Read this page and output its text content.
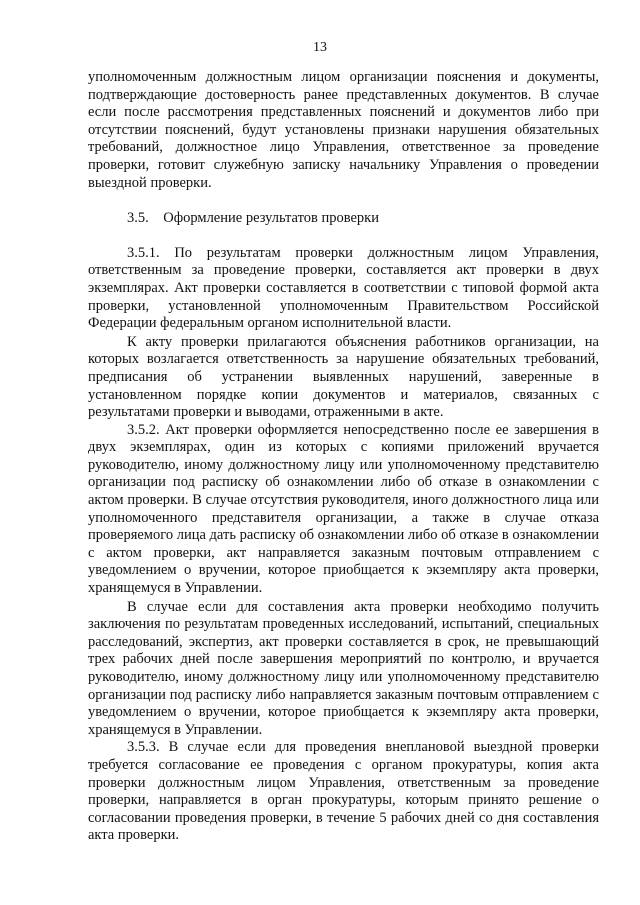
13

уполномоченным должностным лицом организации пояснения и документы, подтверждающие достоверность ранее представленных документов. В случае если после рассмотрения представленных пояснений и документов либо при отсутствии пояснений, будут установлены признаки нарушения обязательных требований, должностное лицо Управления, ответственное за проведение проверки, готовит служебную записку начальнику Управления о проведении выездной проверки.

3.5.    Оформление результатов проверки

3.5.1. По результатам проверки должностным лицом Управления, ответственным за проведение проверки, составляется акт проверки в двух экземплярах. Акт проверки составляется в соответствии с типовой формой акта проверки, установленной уполномоченным Правительством Российской Федерации федеральным органом исполнительной власти.

К акту проверки прилагаются объяснения работников организации, на которых возлагается ответственность за нарушение обязательных требований, предписания об устранении выявленных нарушений, заверенные в установленном порядке копии документов и материалов, связанных с результатами проверки и выводами, отраженными в акте.

3.5.2. Акт проверки оформляется непосредственно после ее завершения в двух экземплярах, один из которых с копиями приложений вручается руководителю, иному должностному лицу или уполномоченному представителю организации под расписку об ознакомлении либо об отказе в ознакомлении с актом проверки. В случае отсутствия руководителя, иного должностного лица или уполномоченного представителя организации, а также в случае отказа проверяемого лица дать расписку об ознакомлении либо об отказе в ознакомлении с актом проверки, акт направляется заказным почтовым отправлением с уведомлением о вручении, которое приобщается к экземпляру акта проверки, хранящемуся в Управлении.

В случае если для составления акта проверки необходимо получить заключения по результатам проведенных исследований, испытаний, специальных расследований, экспертиз, акт проверки составляется в срок, не превышающий трех рабочих дней после завершения мероприятий по контролю, и вручается руководителю, иному должностному лицу или уполномоченному представителю организации под расписку либо направляется заказным почтовым отправлением с уведомлением о вручении, которое приобщается к экземпляру акта проверки, хранящемуся в Управлении.

3.5.3. В случае если для проведения внеплановой выездной проверки требуется согласование ее проведения с органом прокуратуры, копия акта проверки должностным лицом Управления, ответственным за проведение проверки, направляется в орган прокуратуры, которым принято решение о согласовании проведения проверки, в течение 5 рабочих дней со дня составления акта проверки.
